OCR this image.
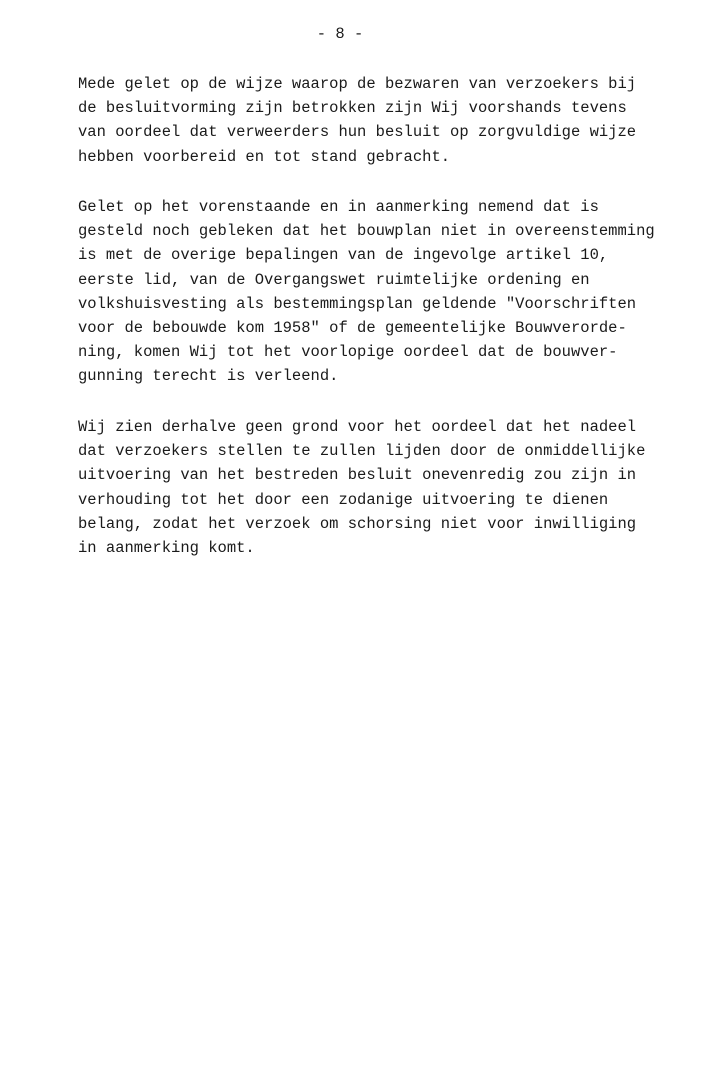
- 8 -

Mede gelet op de wijze waarop de bezwaren van verzoekers bij
de besluitvorming zijn betrokken zijn Wij voorshands tevens
van oordeel dat verweerders hun besluit op zorgvuldige wijze
hebben voorbereid en tot stand gebracht.

Gelet op het vorenstaande en in aanmerking nemend dat is
gesteld noch gebleken dat het bouwplan niet in overeenstemming
is met de overige bepalingen van de ingevolge artikel 10,
eerste lid, van de Overgangswet ruimtelijke ordening en
volkshuisvesting als bestemmingsplan geldende "Voorschriften
voor de bebouwde kom 1958" of de gemeentelijke Bouwverorde-
ning, komen Wij tot het voorlopige oordeel dat de bouwver-
gunning terecht is verleend.

Wij zien derhalve geen grond voor het oordeel dat het nadeel
dat verzoekers stellen te zullen lijden door de onmiddellijke
uitvoering van het bestreden besluit onevenredig zou zijn in
verhouding tot het door een zodanige uitvoering te dienen
belang, zodat het verzoek om schorsing niet voor inwilliging
in aanmerking komt.
